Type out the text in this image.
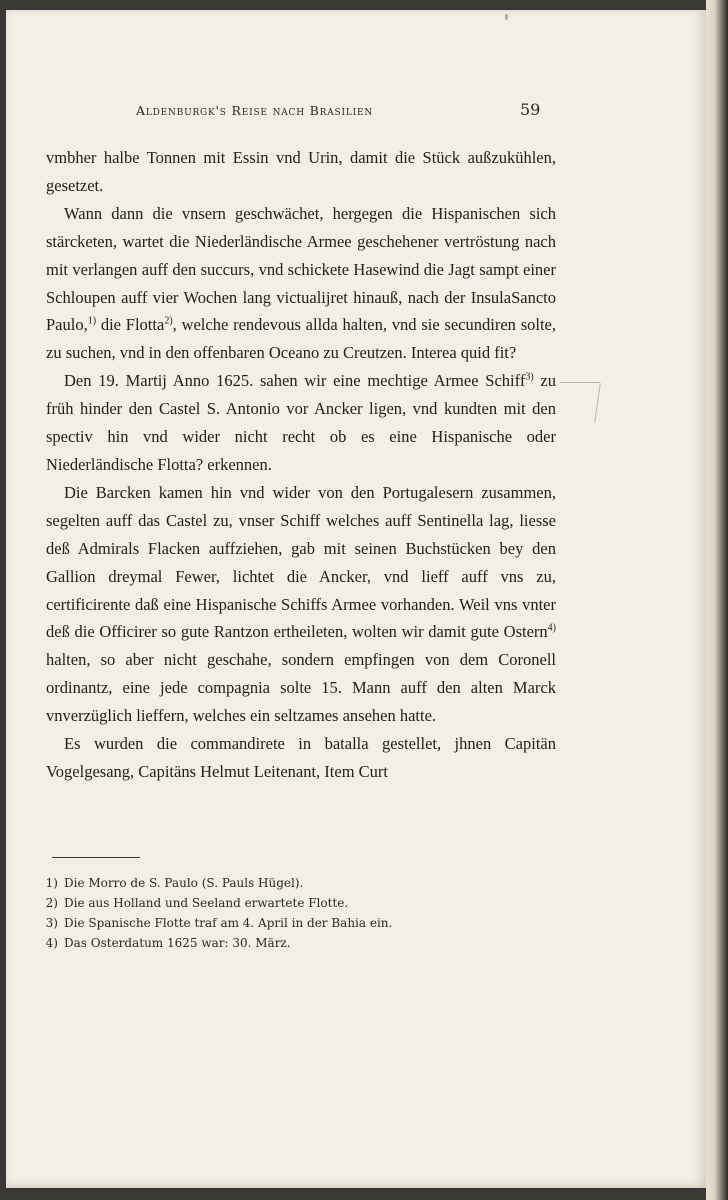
Aldenburgk's Reise nach Brasilien	59

vmbher halbe Tonnen mit Essin vnd Urin, damit die Stück außzukühlen, gesetzet.

Wann dann die vnsern geschwächet, hergegen die Hispanischen sich stärcketen, wartet die Niederländische Armee geschehener vertröstung nach mit verlangen auff den succurs, vnd schickete Hasewind die Jagt sampt einer Schloupen auff vier Wochen lang victualijret hinauß, nach der InsulaSancto Paulo,$^{1)}$ die Flotta$^{2)}$, welche rendevous allda halten, vnd sie secundiren solte, zu suchen, vnd in den offenbaren Oceano zu Creutzen. Interea quid fit?

Den 19. Martij Anno 1625. sahen wir eine mechtige Armee Schiff$^{3)}$ zu früh hinder den Castel S. Antonio vor Ancker ligen, vnd kundten mit den spectiv hin vnd wider nicht recht ob es eine Hispanische oder Niederländische Flotta? erkennen.

Die Barcken kamen hin vnd wider von den Portugalesern zusammen, segelten auff das Castel zu, vnser Schiff welches auff Sentinella lag, liesse deß Admirals Flacken auffziehen, gab mit seinen Buchstücken bey den Gallion dreymal Fewer, lichtet die Ancker, vnd lieff auff vns zu, certificirente daß eine Hispanische Schiffs Armee vorhanden. Weil vns vnter deß die Officirer so gute Rantzon ertheileten, wolten wir damit gute Ostern$^{4)}$ halten, so aber nicht geschahe, sondern empfingen von dem Coronell ordinantz, eine jede compagnia solte 15. Mann auff den alten Marck vnverzüglich lieffern, welches ein seltzames ansehen hatte.

Es wurden die commandirete in batalla gestellet, jhnen Capitän Vogelgesang, Capitäns Helmut Leitenant, Item Curt

1) Die Morro de S. Paulo (S. Pauls Hügel).
2) Die aus Holland und Seeland erwartete Flotte.
3) Die Spanische Flotte traf am 4. April in der Bahia ein.
4) Das Osterdatum 1625 war: 30. März.
